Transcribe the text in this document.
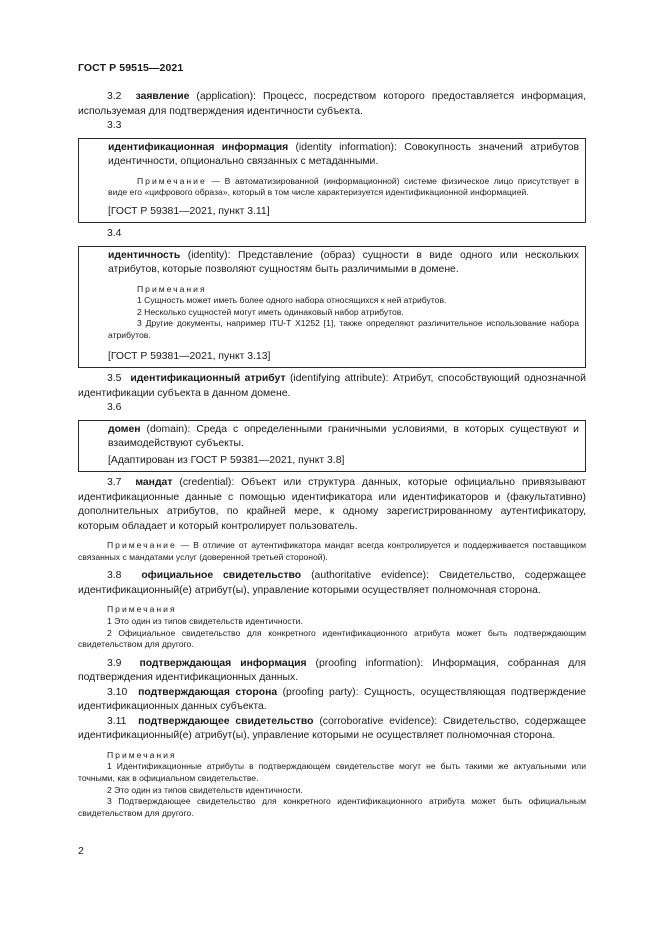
ГОСТ Р 59515—2021

3.2 заявление (application): Процесс, посредством которого предоставляется информация, используемая для подтверждения идентичности субъекта.

3.3

идентификационная информация (identity information): Совокупность значений атрибутов идентичности, опционально связанных с метаданными.

Примечание — В автоматизированной (информационной) системе физическое лицо присутствует в виде его «цифрового образа», который в том числе характеризуется идентификационной информацией.

[ГОСТ Р 59381—2021, пункт 3.11]

3.4

идентичность (identity): Представление (образ) сущности в виде одного или нескольких атрибутов, которые позволяют сущностям быть различимыми в домене.

Примечания

1 Сущность может иметь более одного набора относящихся к ней атрибутов.

2 Несколько сущностей могут иметь одинаковый набор атрибутов.

3 Другие документы, например ITU-T X1252 [1], также определяют различительное использование набора атрибутов.

[ГОСТ Р 59381—2021, пункт 3.13]

3.5 идентификационный атрибут (identifying attribute): Атрибут, способствующий однозначной идентификации субъекта в данном домене.

3.6

домен (domain): Среда с определенными граничными условиями, в которых существуют и взаимодействуют субъекты.

[Адаптирован из ГОСТ Р 59381—2021, пункт 3.8]

3.7 мандат (credential): Объект или структура данных, которые официально привязывают идентификационные данные с помощью идентификатора или идентификаторов и (факультативно) дополнительных атрибутов, по крайней мере, к одному зарегистрированному аутентификатору, которым обладает и который контролирует пользователь.

Примечание — В отличие от аутентификатора мандат всегда контролируется и поддерживается поставщиком связанных с мандатами услуг (доверенной третьей стороной).

3.8 официальное свидетельство (authoritative evidence): Свидетельство, содержащее идентификационный(е) атрибут(ы), управление которыми осуществляет полномочная сторона.

Примечания

1 Это один из типов свидетельств идентичности.

2 Официальное свидетельство для конкретного идентификационного атрибута может быть подтверждающим свидетельством для другого.

3.9 подтверждающая информация (proofing information): Информация, собранная для подтверждения идентификационных данных.

3.10 подтверждающая сторона (proofing party): Сущность, осуществляющая подтверждение идентификационных данных субъекта.

3.11 подтверждающее свидетельство (corroborative evidence): Свидетельство, содержащее идентификационный(е) атрибут(ы), управление которыми не осуществляет полномочная сторона.

Примечания

1 Идентификационные атрибуты в подтверждающем свидетельстве могут не быть такими же актуальными или точными, как в официальном свидетельстве.

2 Это один из типов свидетельств идентичности.

3 Подтверждающее свидетельство для конкретного идентификационного атрибута может быть официальным свидетельством для другого.

2
